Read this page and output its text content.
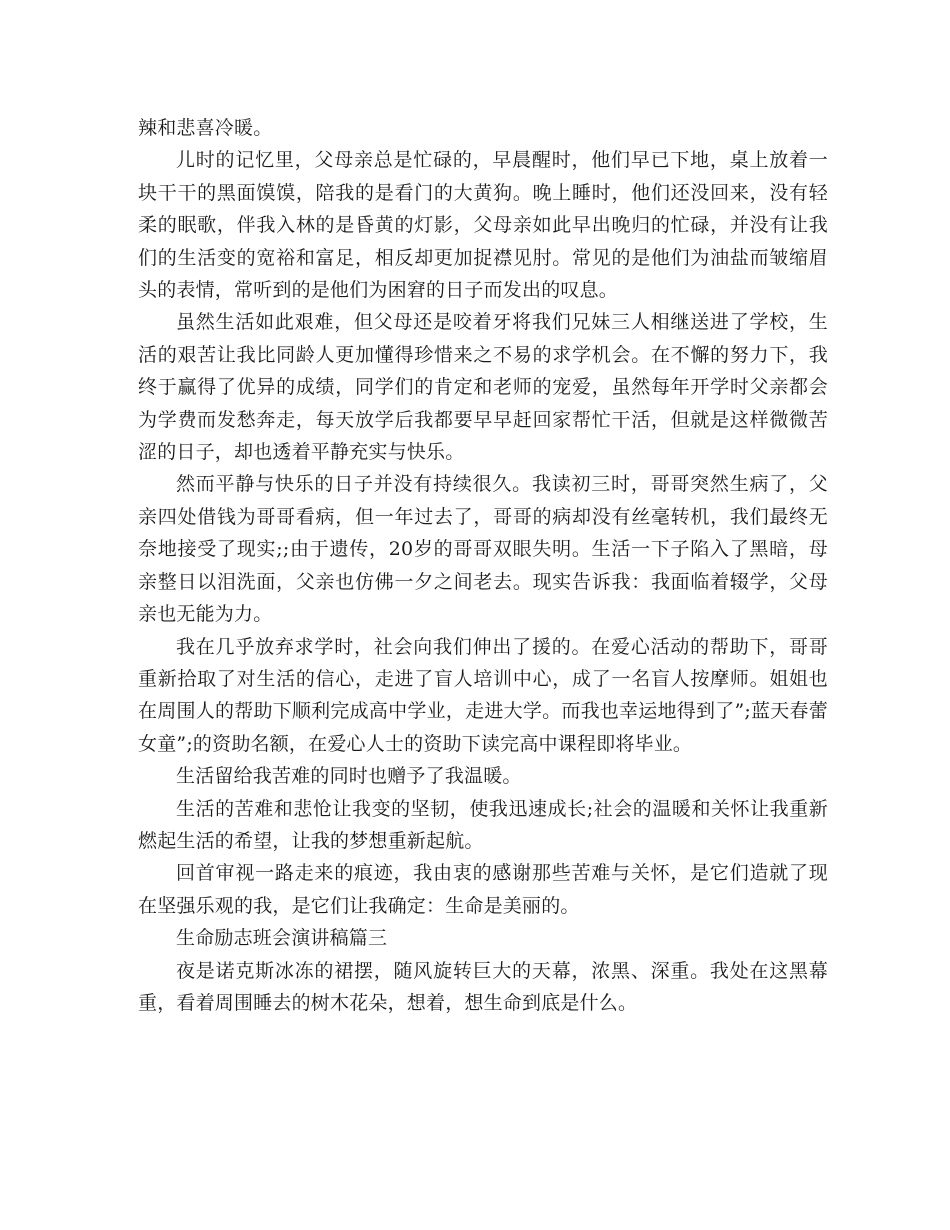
辣和悲喜冷暖。

儿时的记忆里，父母亲总是忙碌的，早晨醒时，他们早已下地，桌上放着一块干干的黑面馍馍，陪我的是看门的大黄狗。晚上睡时，他们还没回来，没有轻柔的眠歌，伴我入林的是昏黄的灯影，父母亲如此早出晚归的忙碌，并没有让我们的生活变的宽裕和富足，相反却更加捉襟见肘。常见的是他们为油盐而皱缩眉头的表情，常听到的是他们为困窘的日子而发出的叹息。

虽然生活如此艰难，但父母还是咬着牙将我们兄妹三人相继送进了学校，生活的艰苦让我比同龄人更加懂得珍惜来之不易的求学机会。在不懈的努力下，我终于赢得了优异的成绩，同学们的肯定和老师的宠爱，虽然每年开学时父亲都会为学费而发愁奔走，每天放学后我都要早早赶回家帮忙干活，但就是这样微微苦涩的日子，却也透着平静充实与快乐。

然而平静与快乐的日子并没有持续很久。我读初三时，哥哥突然生病了，父亲四处借钱为哥哥看病，但一年过去了，哥哥的病却没有丝毫转机，我们最终无奈地接受了现实;;由于遗传，20岁的哥哥双眼失明。生活一下子陷入了黑暗，母亲整日以泪洗面，父亲也仿佛一夕之间老去。现实告诉我：我面临着辍学，父母亲也无能为力。

我在几乎放弃求学时，社会向我们伸出了援的。在爱心活动的帮助下，哥哥重新拾取了对生活的信心，走进了盲人培训中心，成了一名盲人按摩师。姐姐也在周围人的帮助下顺利完成高中学业，走进大学。而我也幸运地得到了”;蓝天春蕾女童”;的资助名额，在爱心人士的资助下读完高中课程即将毕业。

生活留给我苦难的同时也赠予了我温暖。

生活的苦难和悲怆让我变的坚韧，使我迅速成长;社会的温暖和关怀让我重新燃起生活的希望，让我的梦想重新起航。

回首审视一路走来的痕迹，我由衷的感谢那些苦难与关怀，是它们造就了现在坚强乐观的我，是它们让我确定：生命是美丽的。

生命励志班会演讲稿篇三

夜是诺克斯冰冻的裙摆，随风旋转巨大的天幕，浓黑、深重。我处在这黑幕重，看着周围睡去的树木花朵，想着，想生命到底是什么。
